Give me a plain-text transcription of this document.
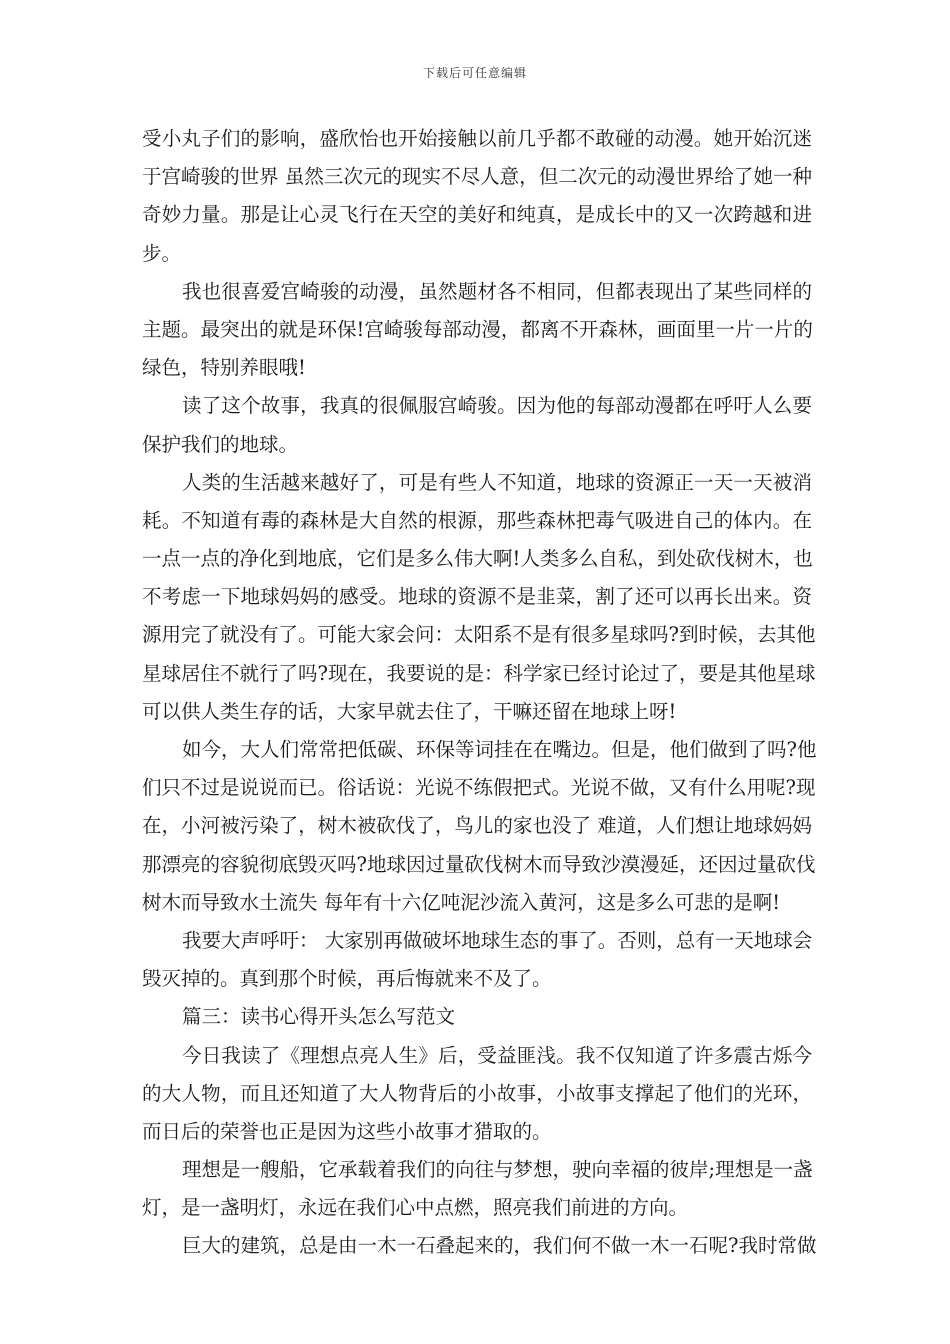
下载后可任意编辑
受小丸子们的影响，盛欣怡也开始接触以前几乎都不敢碰的动漫。她开始沉迷
于宫崎骏的世界 虽然三次元的现实不尽人意，但二次元的动漫世界给了她一种
奇妙力量。那是让心灵飞行在天空的美好和纯真，是成长中的又一次跨越和进
步。
我也很喜爱宫崎骏的动漫，虽然题材各不相同，但都表现出了某些同样的
主题。最突出的就是环保!宫崎骏每部动漫，都离不开森林，画面里一片一片的
绿色，特别养眼哦!
读了这个故事，我真的很佩服宫崎骏。因为他的每部动漫都在呼吁人么要
保护我们的地球。
人类的生活越来越好了，可是有些人不知道，地球的资源正一天一天被消
耗。不知道有毒的森林是大自然的根源，那些森林把毒气吸进自己的体内。在
一点一点的净化到地底，它们是多么伟大啊!人类多么自私，到处砍伐树木，也
不考虑一下地球妈妈的感受。地球的资源不是韭菜，割了还可以再长出来。资
源用完了就没有了。可能大家会问：太阳系不是有很多星球吗?到时候，去其他
星球居住不就行了吗?现在，我要说的是：科学家已经讨论过了，要是其他星球
可以供人类生存的话，大家早就去住了，干嘛还留在地球上呀!
如今，大人们常常把低碳、环保等词挂在在嘴边。但是，他们做到了吗?他
们只不过是说说而已。俗话说：光说不练假把式。光说不做，又有什么用呢?现
在，小河被污染了，树木被砍伐了，鸟儿的家也没了 难道，人们想让地球妈妈
那漂亮的容貌彻底毁灭吗?地球因过量砍伐树木而导致沙漠漫延，还因过量砍伐
树木而导致水土流失 每年有十六亿吨泥沙流入黄河，这是多么可悲的是啊!
我要大声呼吁： 大家别再做破坏地球生态的事了。否则，总有一天地球会
毁灭掉的。真到那个时候，再后悔就来不及了。
篇三：读书心得开头怎么写范文
今日我读了《理想点亮人生》后，受益匪浅。我不仅知道了许多震古烁今
的大人物，而且还知道了大人物背后的小故事，小故事支撑起了他们的光环，
而日后的荣誉也正是因为这些小故事才猎取的。
理想是一艘船，它承载着我们的向往与梦想，驶向幸福的彼岸;理想是一盏
灯，是一盏明灯，永远在我们心中点燃，照亮我们前进的方向。
巨大的建筑，总是由一木一石叠起来的，我们何不做一木一石呢?我时常做
